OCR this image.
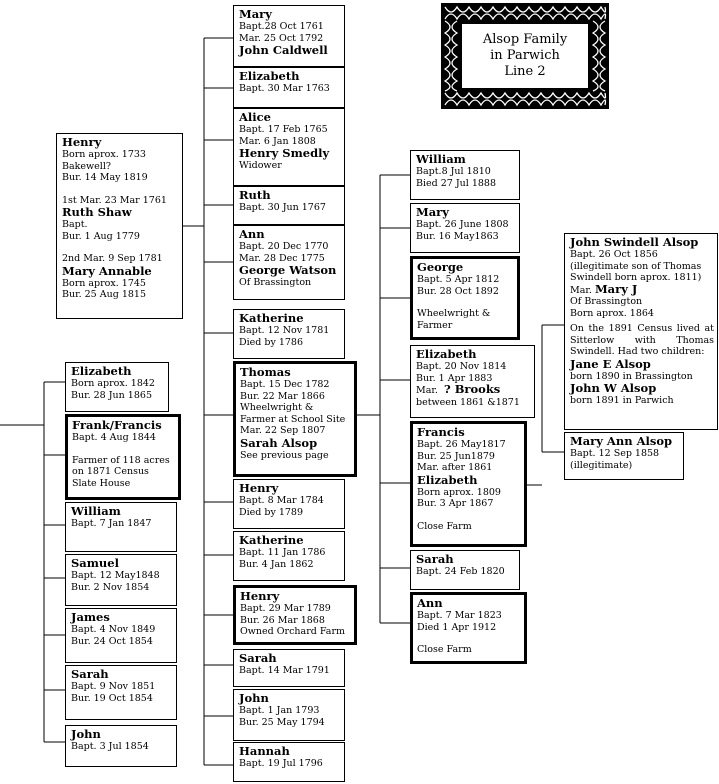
Alsop Family
in Parwich
Line 2
Henry
Born aprox. 1733
Bakewell?
Bur. 14 May 1819
1st Mar. 23 Mar 1761
Ruth Shaw
Bapt.
Bur. 1 Aug 1779
2nd Mar. 9 Sep 1781
Mary Annable
Born aprox. 1745
Bur. 25 Aug 1815
Mary
Bapt.28 Oct 1761
Mar. 25 Oct 1792
John Caldwell
Elizabeth
Bapt. 30 Mar 1763
Alice
Bapt. 17 Feb 1765
Mar. 6 Jan 1808
Henry Smedly
Widower
Ruth
Bapt. 30 Jun 1767
Ann
Bapt. 20 Dec 1770
Mar. 28 Dec 1775
George Watson
Of Brassington
Katherine
Bapt. 12 Nov 1781
Died by 1786
Thomas
Bapt. 15 Dec 1782
Bur. 22 Mar 1866
Wheelwright &
Farmer at School Site
Mar. 22 Sep 1807
Sarah Alsop
See previous page
Henry
Bapt. 8 Mar 1784
Died by 1789
Katherine
Bapt. 11 Jan 1786
Bur. 4 Jan 1862
Henry
Bapt. 29 Mar 1789
Bur. 26 Mar 1868
Owned Orchard Farm
Sarah
Bapt. 14 Mar 1791
John
Bapt. 1 Jan 1793
Bur. 25 May 1794
Hannah
Bapt. 19 Jul 1796
Elizabeth
Born aprox. 1842
Bur. 28 Jun 1865
Frank/Francis
Bapt. 4 Aug 1844
Farmer of 118 acres
on 1871 Census
Slate House
William
Bapt. 7 Jan 1847
Samuel
Bapt. 12 May1848
Bur. 2 Nov 1854
James
Bapt. 4 Nov 1849
Bur. 24 Oct 1854
Sarah
Bapt. 9 Nov 1851
Bur. 19 Oct 1854
John
Bapt. 3 Jul 1854
William
Bapt.8 Jul 1810
Bied 27 Jul 1888
Mary
Bapt. 26 June 1808
Bur. 16 May1863
George
Bapt. 5 Apr 1812
Bur. 28 Oct 1892
Wheelwright &
Farmer
Elizabeth
Bapt. 20 Nov 1814
Bur. 1 Apr 1883
Mar. ? Brooks
between 1861 &1871
Francis
Bapt. 26 May1817
Bur. 25 Jun1879
Mar. after 1861
Elizabeth
Born aprox. 1809
Bur. 3 Apr 1867
Close Farm
Sarah
Bapt. 24 Feb 1820
Ann
Bapt. 7 Mar 1823
Died 1 Apr 1912
Close Farm
John Swindell Alsop
Bapt. 26 Oct 1856
(illegitimate son of Thomas
Swindell born aprox. 1811)
Mar. Mary J
Of Brassington
Born aprox. 1864
On the 1891 Census lived at Sitterlow with Thomas Swindell. Had two children:
Jane E Alsop
born 1890 in Brassington
John W Alsop
born 1891 in Parwich
Mary Ann Alsop
Bapt. 12 Sep 1858
(illegitimate)
